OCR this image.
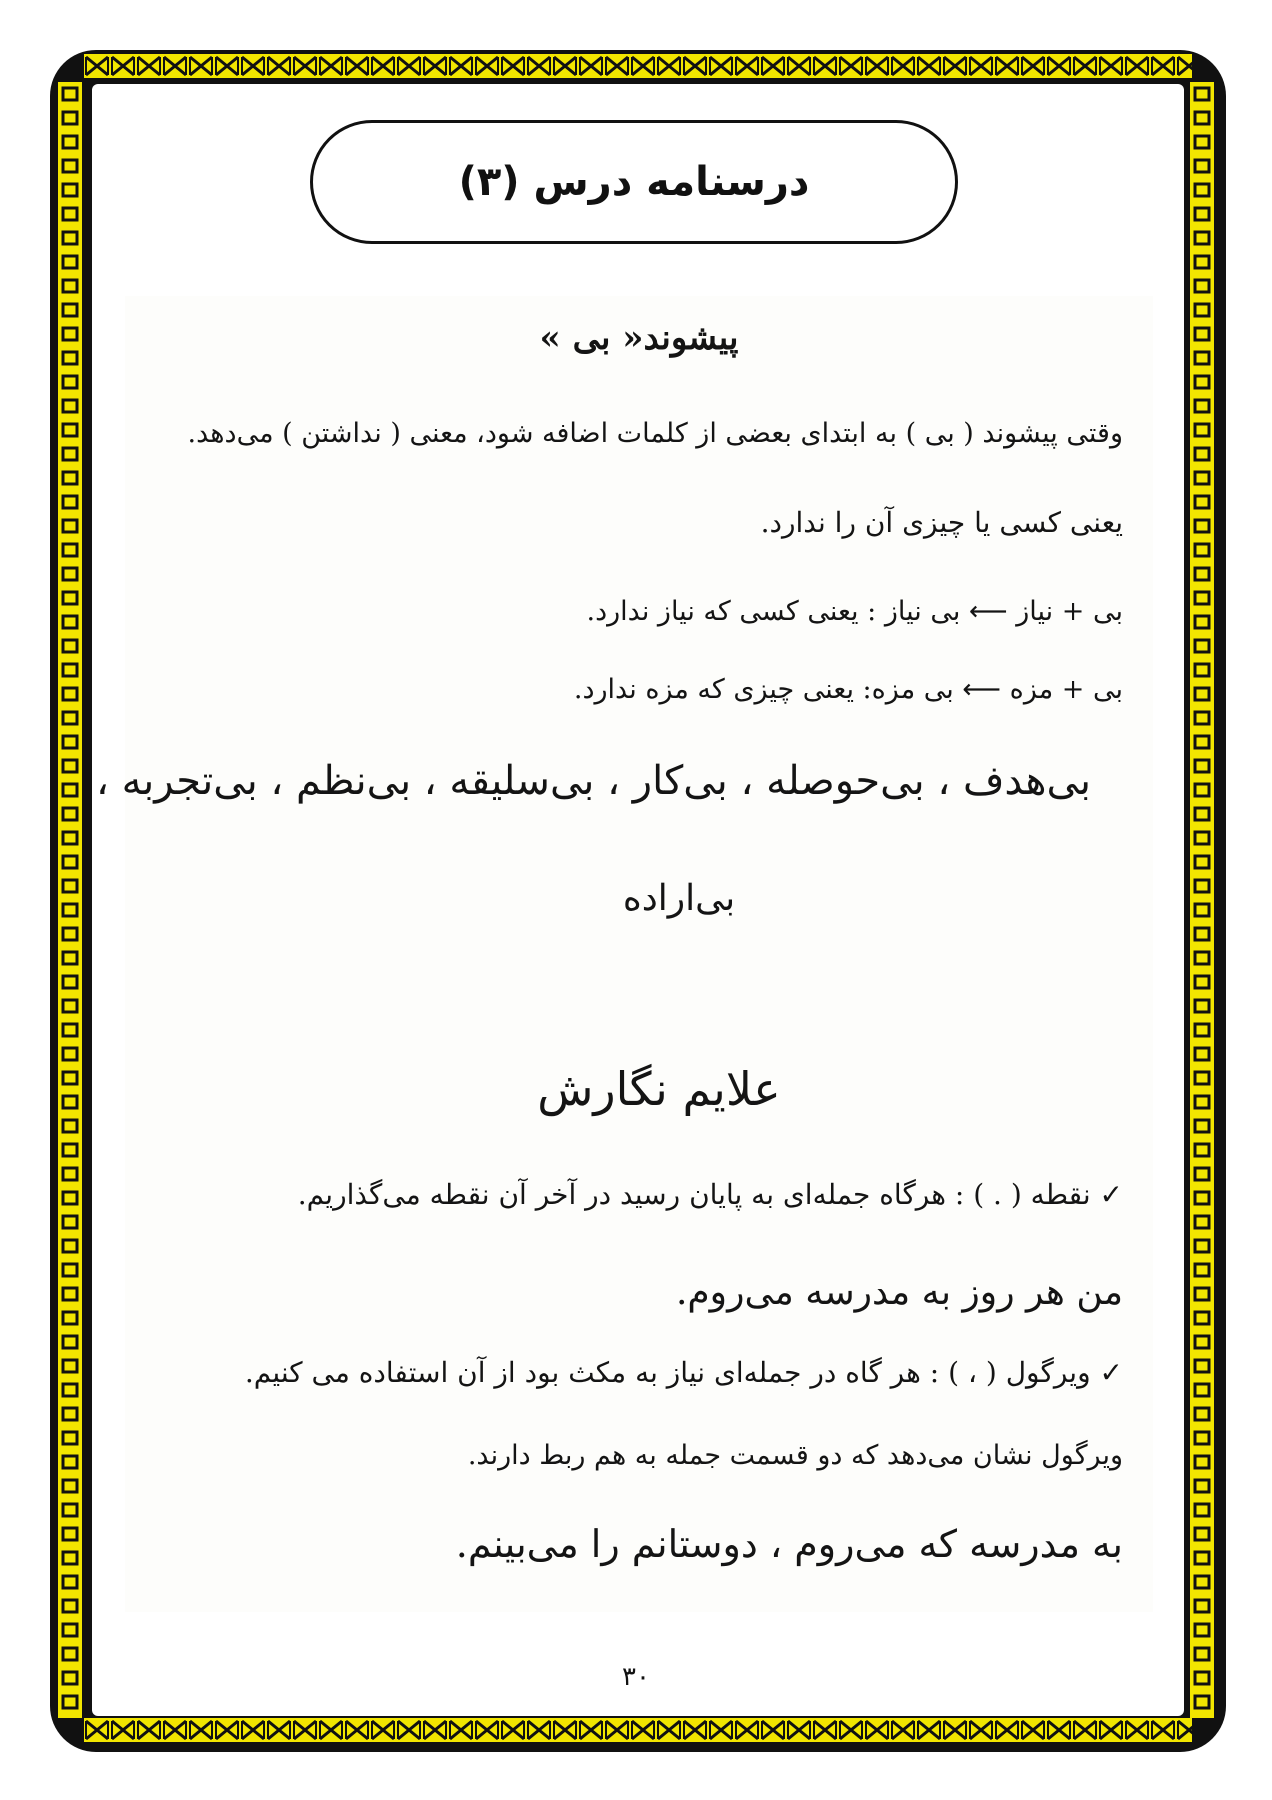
درسنامه درس (۳)
پیشوند« بی »
وقتی پیشوند ( بی ) به ابتدای بعضی از کلمات اضافه شود، معنی ( نداشتن ) می‌دهد.
یعنی کسی یا چیزی آن را ندارد.
بی + نیاز ⟵ بی نیاز : یعنی کسی که نیاز ندارد.
بی + مزه ⟵ بی مزه: یعنی چیزی که مزه ندارد.
بی‌هدف ، بی‌حوصله ، بی‌کار ، بی‌سلیقه ، بی‌نظم ، بی‌تجربه ،
بی‌اراده
علایم نگارش
✓ نقطه ( . ) : هرگاه جمله‌ای به پایان رسید در آخر آن نقطه می‌گذاریم.
من هر روز به مدرسه می‌روم.
✓ ویرگول ( ، ) : هر گاه در جمله‌ای نیاز به مکث بود از آن استفاده می کنیم.
ویرگول نشان می‌دهد که دو قسمت جمله به هم ربط دارند.
به مدرسه که می‌روم ، دوستانم را می‌بینم.
۳۰
